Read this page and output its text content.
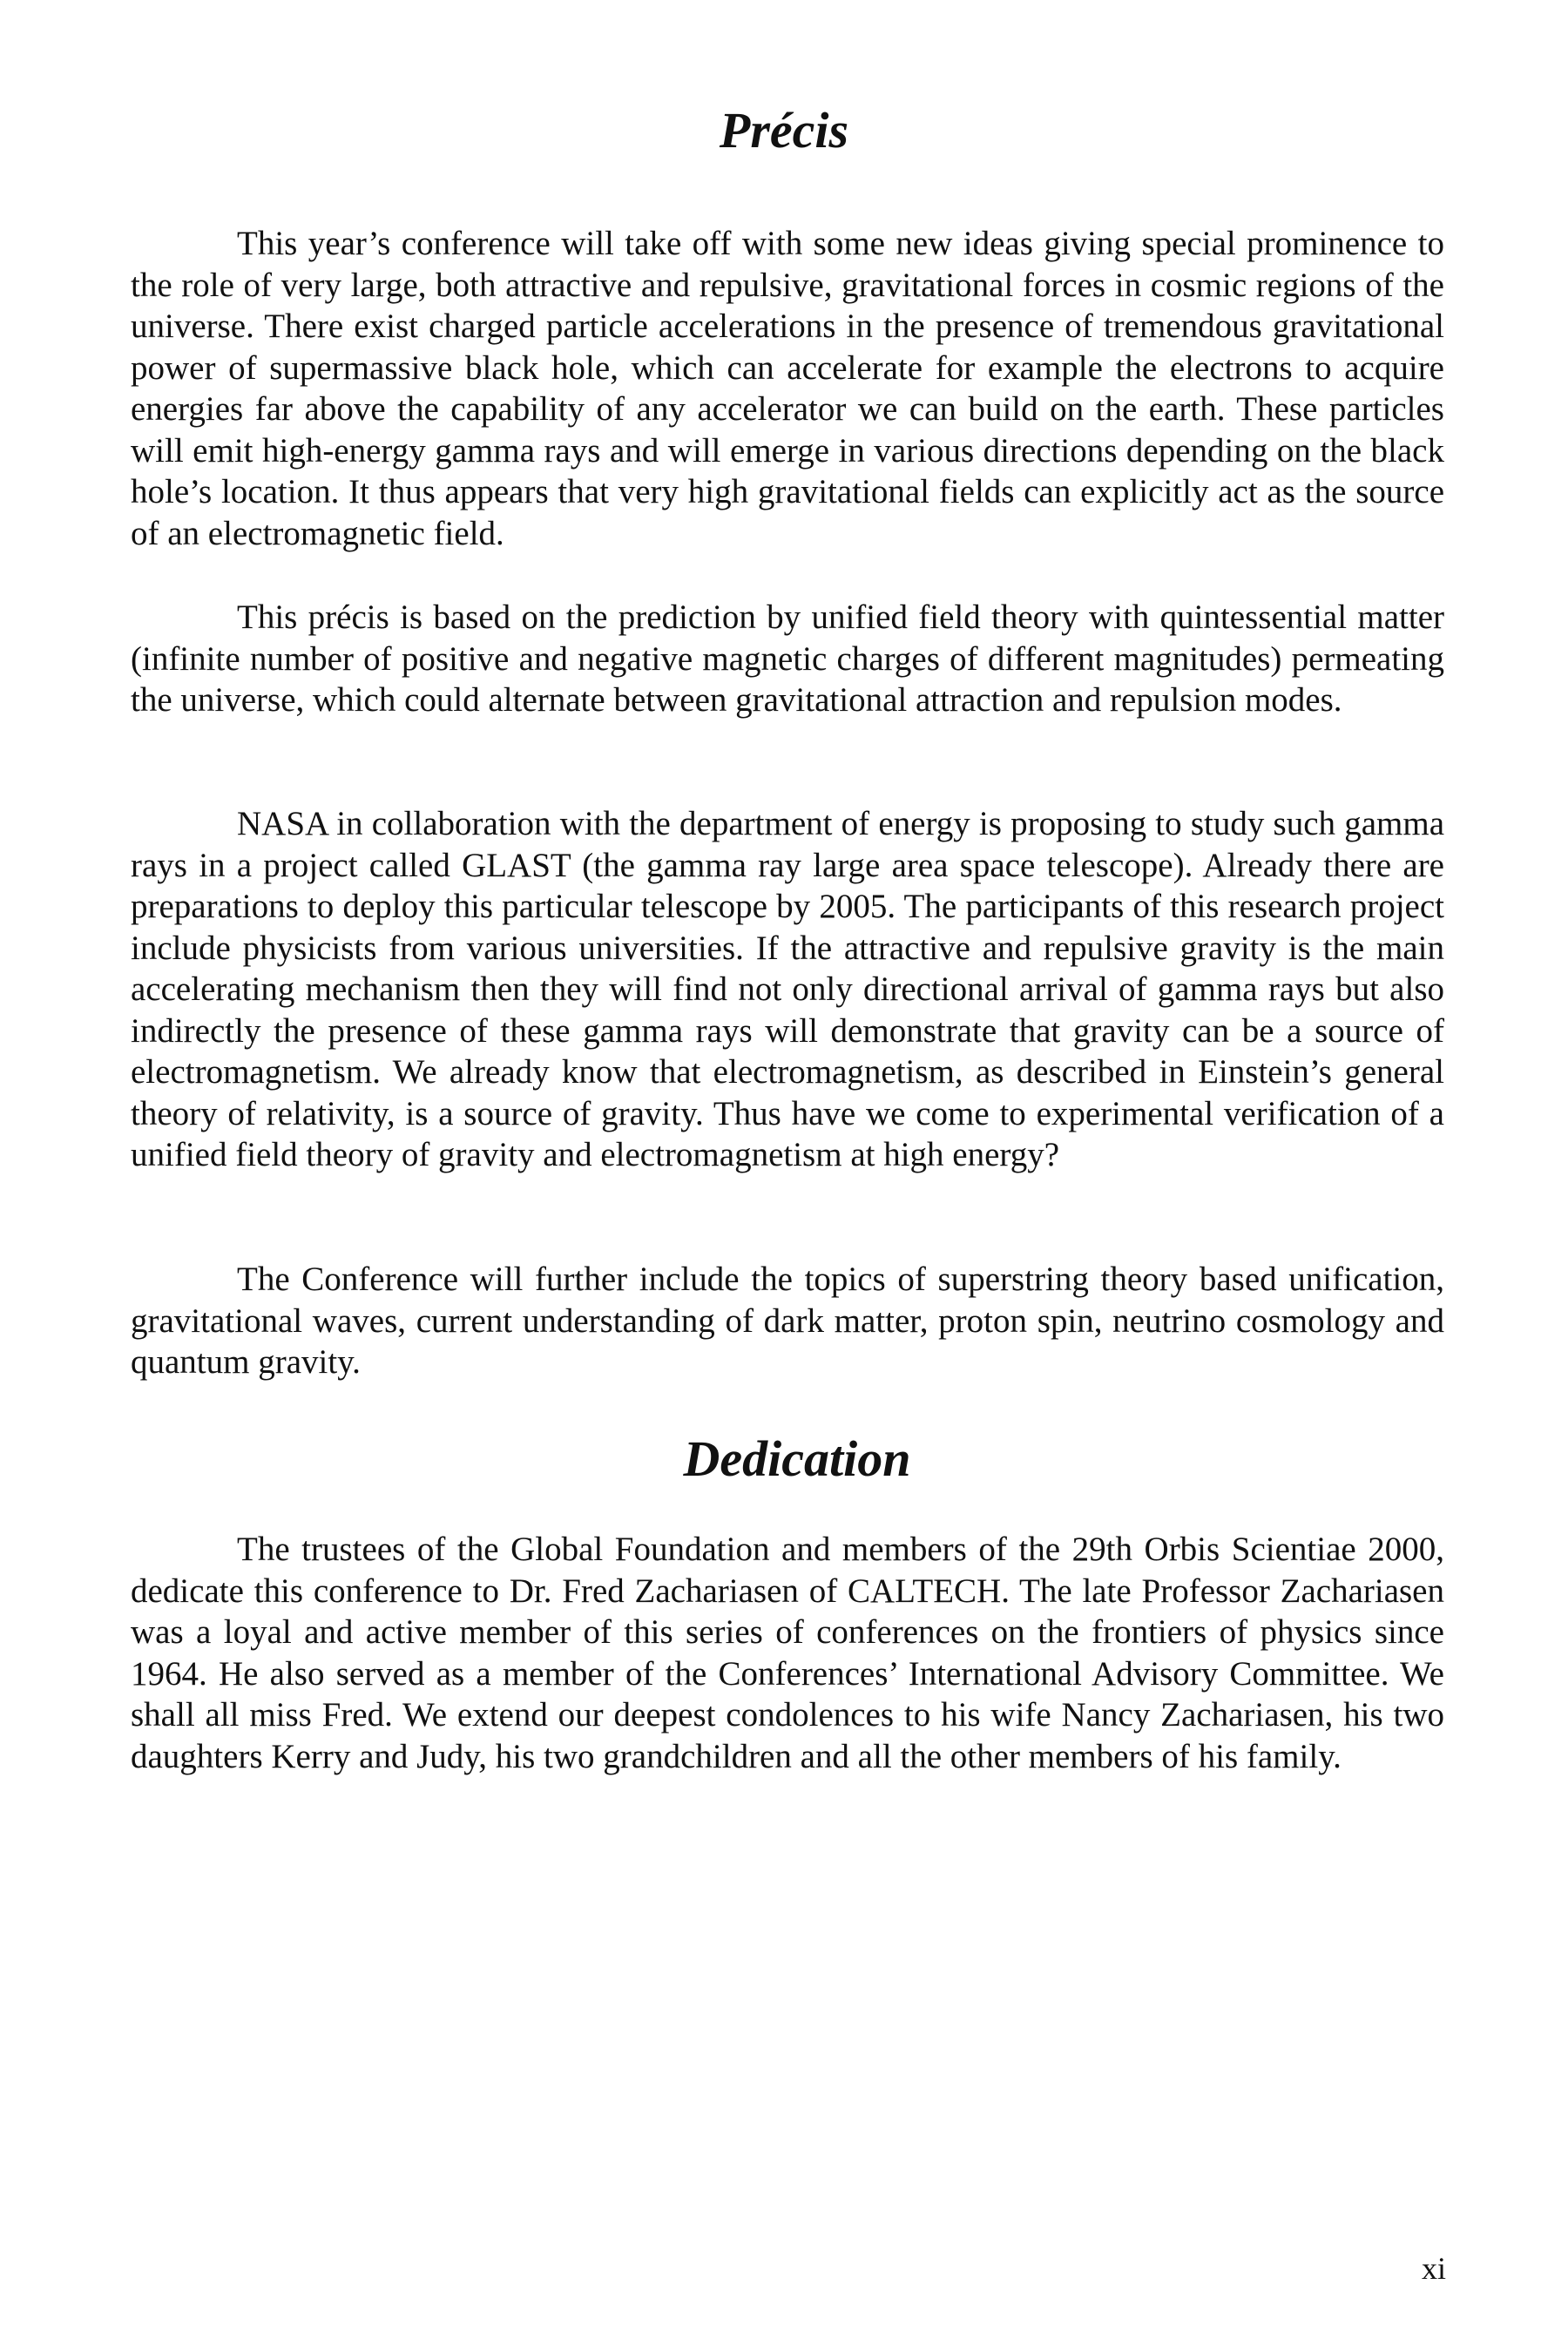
Précis

This year’s conference will take off with some new ideas giving special prominence to the role of very large, both attractive and repulsive, gravitational forces in cosmic regions of the universe. There exist charged particle accelerations in the presence of tremendous gravitational power of supermassive black hole, which can accelerate for example the electrons to acquire energies far above the capability of any accelerator we can build on the earth. These particles will emit high-energy gamma rays and will emerge in various directions depending on the black hole’s location. It thus appears that very high gravitational fields can explicitly act as the source of an electromagnetic field.

This précis is based on the prediction by unified field theory with quintessential matter (infinite number of positive and negative magnetic charges of different magnitudes) permeating the universe, which could alternate between gravitational attraction and repulsion modes.

NASA in collaboration with the department of energy is proposing to study such gamma rays in a project called GLAST (the gamma ray large area space telescope). Already there are preparations to deploy this particular telescope by 2005. The participants of this research project include physicists from various universities. If the attractive and repulsive gravity is the main accelerating mechanism then they will find not only directional arrival of gamma rays but also indirectly the presence of these gamma rays will demonstrate that gravity can be a source of electromagnetism. We already know that electromagnetism, as described in Einstein’s general theory of relativity, is a source of gravity. Thus have we come to experimental verification of a unified field theory of gravity and electromagnetism at high energy?

The Conference will further include the topics of superstring theory based unification, gravitational waves, current understanding of dark matter, proton spin, neutrino cosmology and quantum gravity.

Dedication

The trustees of the Global Foundation and members of the 29th Orbis Scientiae 2000, dedicate this conference to Dr. Fred Zachariasen of CALTECH. The late Professor Zachariasen was a loyal and active member of this series of conferences on the frontiers of physics since 1964. He also served as a member of the Conferences’ International Advisory Committee. We shall all miss Fred. We extend our deepest condolences to his wife Nancy Zachariasen, his two daughters Kerry and Judy, his two grandchildren and all the other members of his family.

xi
